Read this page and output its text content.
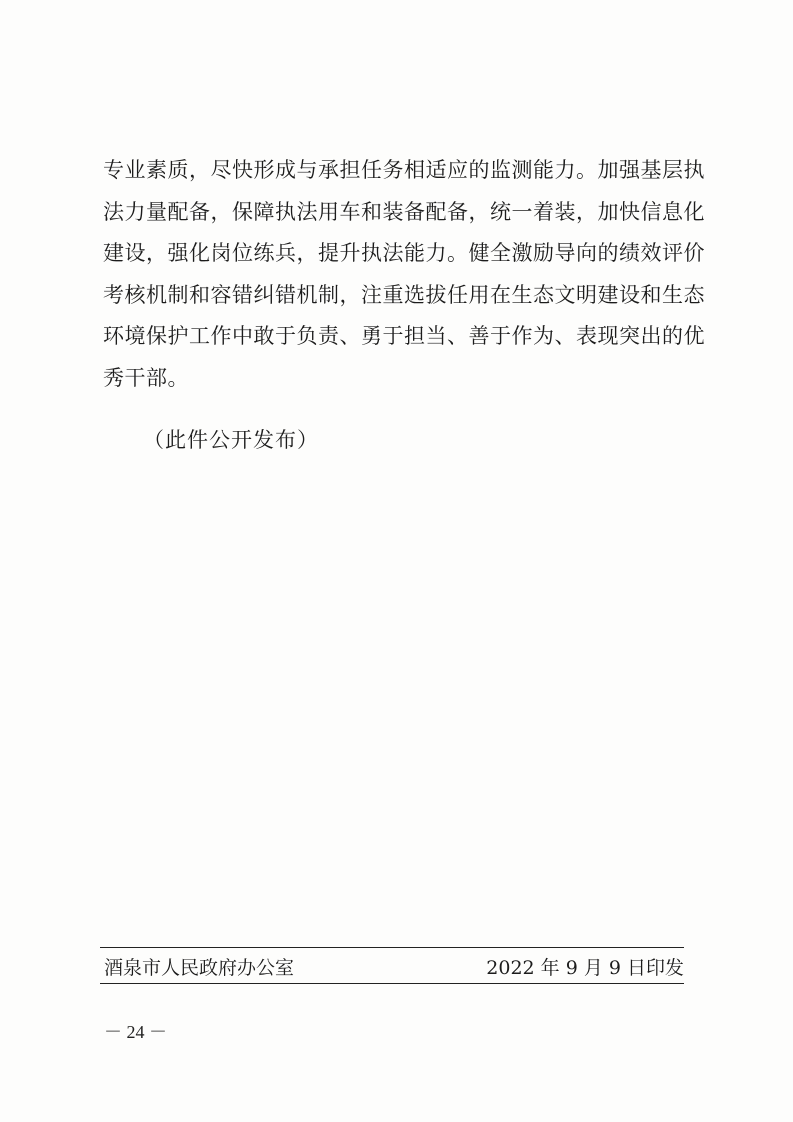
专业素质，尽快形成与承担任务相适应的监测能力。加强基层执
法力量配备，保障执法用车和装备配备，统一着装，加快信息化
建设，强化岗位练兵，提升执法能力。健全激励导向的绩效评价
考核机制和容错纠错机制，注重选拔任用在生态文明建设和生态
环境保护工作中敢于负责、勇于担当、善于作为、表现突出的优
秀干部。
（此件公开发布）
酒泉市人民政府办公室	2022 年 9 月 9 日印发
－ 24 －
